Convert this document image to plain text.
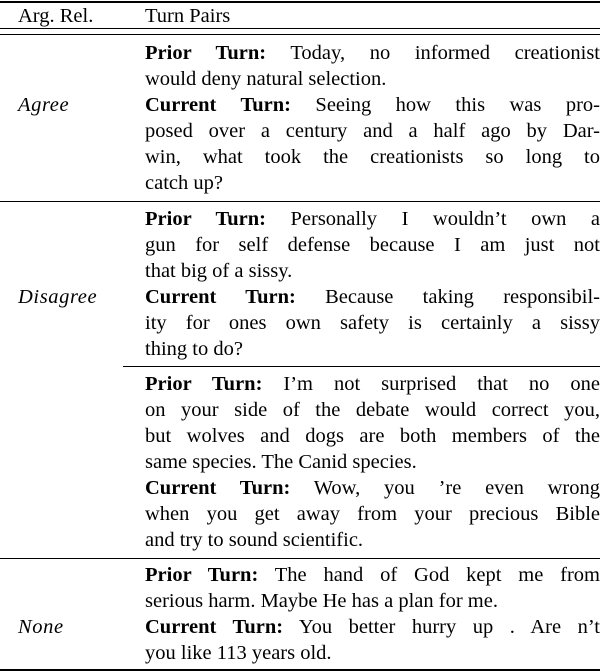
Arg. Rel.	Turn Pairs
Agree
Prior Turn: Today, no informed creationist
would deny natural selection.
Current Turn: Seeing how this was pro-
posed over a century and a half ago by Dar-
win, what took the creationists so long to
catch up?
Disagree
Prior Turn: Personally I wouldn’t own a
gun for self defense because I am just not
that big of a sissy.
Current Turn: Because taking responsibil-
ity for ones own safety is certainly a sissy
thing to do?
Prior Turn: I’m not surprised that no one
on your side of the debate would correct you,
but wolves and dogs are both members of the
same species. The Canid species.
Current Turn: Wow, you ’re even wrong
when you get away from your precious Bible
and try to sound scientific.
None
Prior Turn: The hand of God kept me from
serious harm. Maybe He has a plan for me.
Current Turn: You better hurry up . Are n’t
you like 113 years old.
